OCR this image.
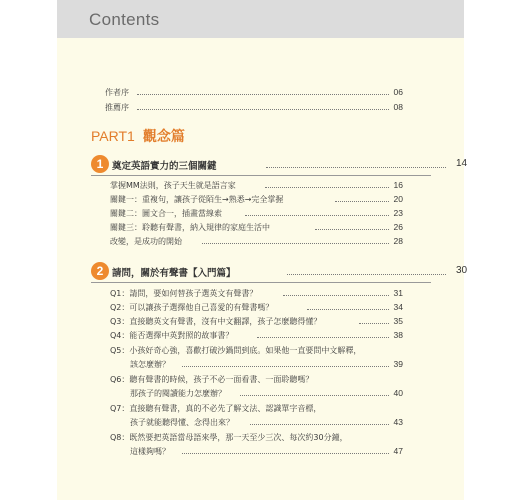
Contents
作者序	06
推薦序	08
PART1 觀念篇
1 奠定英語實力的三個關鍵	14
掌握MM法則，孩子天生就是語言家	16
關鍵一：重複句，讓孩子從陌生→熟悉→完全掌握	20
關鍵二：圖文合一，插畫當線索	23
關鍵三：聆聽有聲書，納入規律的家庭生活中	26
改變，是成功的開始	28
2 請問，關於有聲書【入門篇】	30
Q1：請問，要如何替孩子選英文有聲書？	31
Q2：可以讓孩子選擇他自己喜愛的有聲書嗎？	34
Q3：直接聽英文有聲書，沒有中文翻譯，孩子怎麼聽得懂？	35
Q4：能否選擇中英對照的故事書？	38
Q5：小孩好奇心強，喜歡打破沙鍋問到底。如果他一直要問中文解釋，
該怎麼辦？	39
Q6：聽有聲書的時候，孩子不必一面看書、一面聆聽嗎？
那孩子的閱讀能力怎麼辦？	40
Q7：直接聽有聲書，真的不必先了解文法、認識單字音標，
孩子就能聽得懂、念得出來？	43
Q8：既然要把英語當母語來學，那一天至少三次、每次約30分鐘，
這樣夠嗎？	47
